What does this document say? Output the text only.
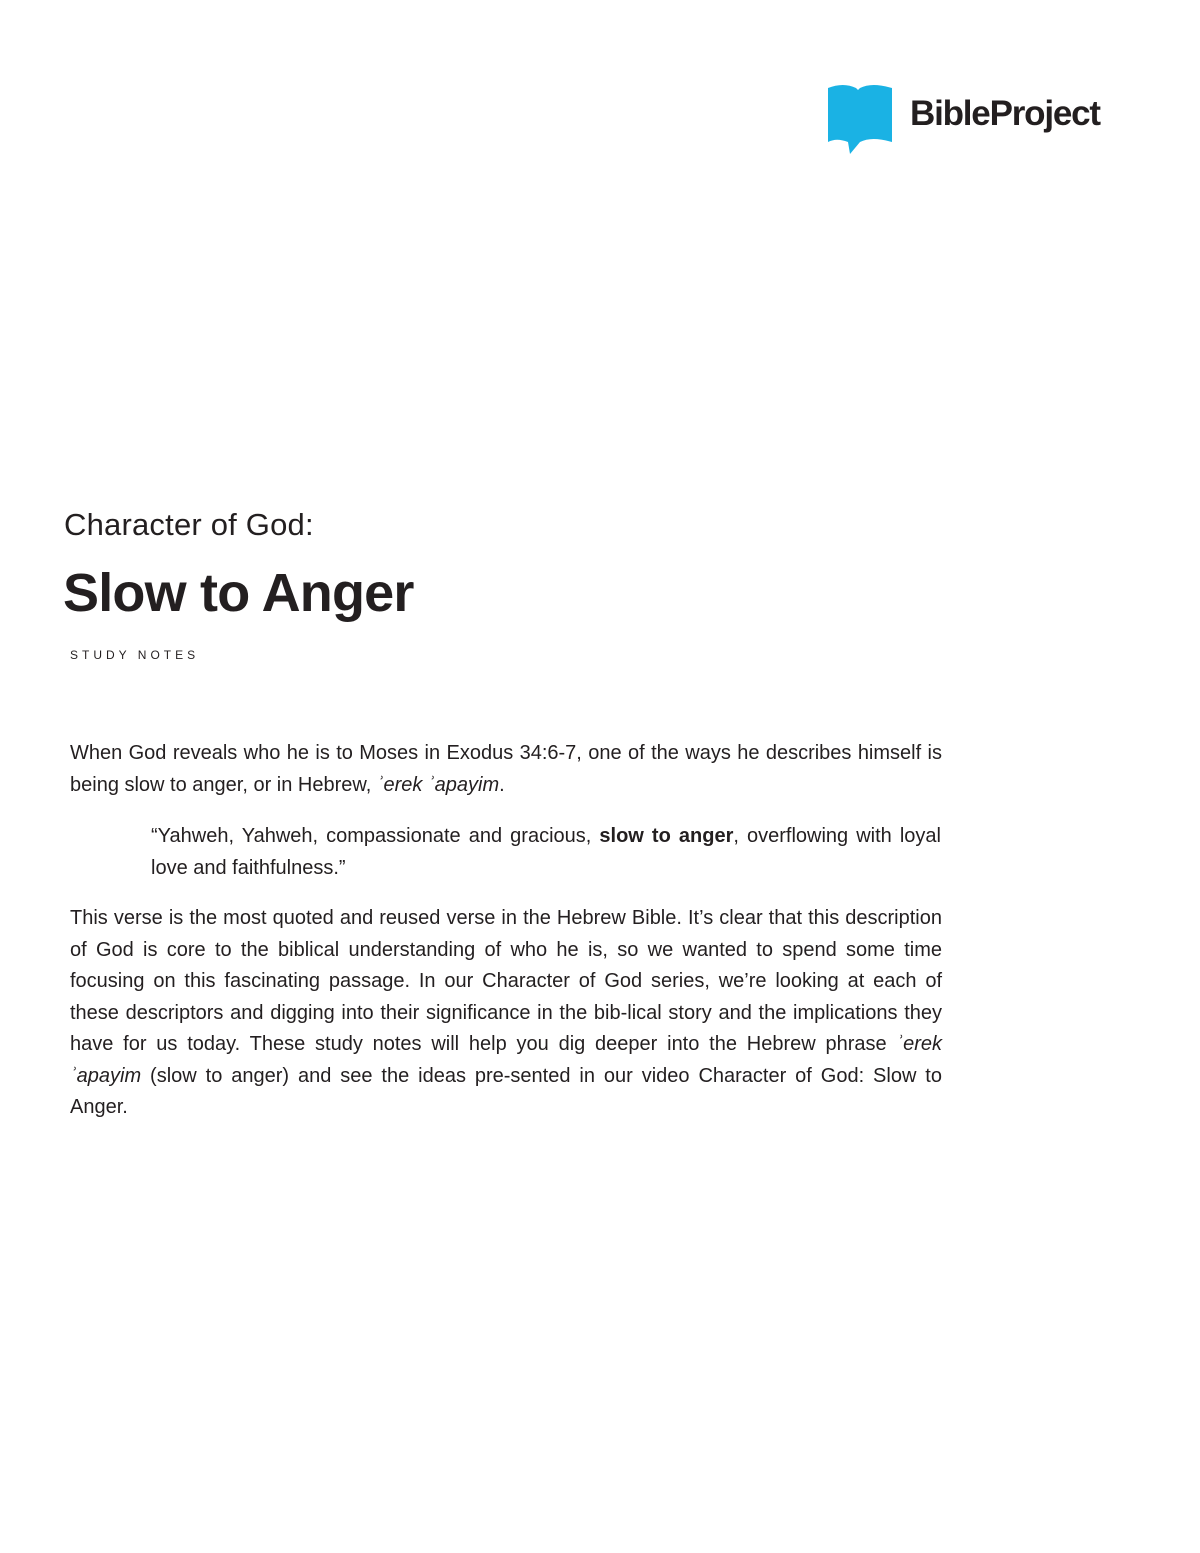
BibleProject
Character of God:
Slow to Anger
STUDY NOTES

When God reveals who he is to Moses in Exodus 34:6-7, one of the ways he describes himself is being slow to anger, or in Hebrew, ʾerek ʾapayim.

“Yahweh, Yahweh, compassionate and gracious, slow to anger, overflowing with loyal love and faithfulness.”

This verse is the most quoted and reused verse in the Hebrew Bible. It’s clear that this description of God is core to the biblical understanding of who he is, so we wanted to spend some time focusing on this fascinating passage. In our Character of God series, we’re looking at each of these descriptors and digging into their significance in the bib-lical story and the implications they have for us today. These study notes will help you dig deeper into the Hebrew phrase ʾerek ʾapayim (slow to anger) and see the ideas pre-sented in our video Character of God: Slow to Anger.
